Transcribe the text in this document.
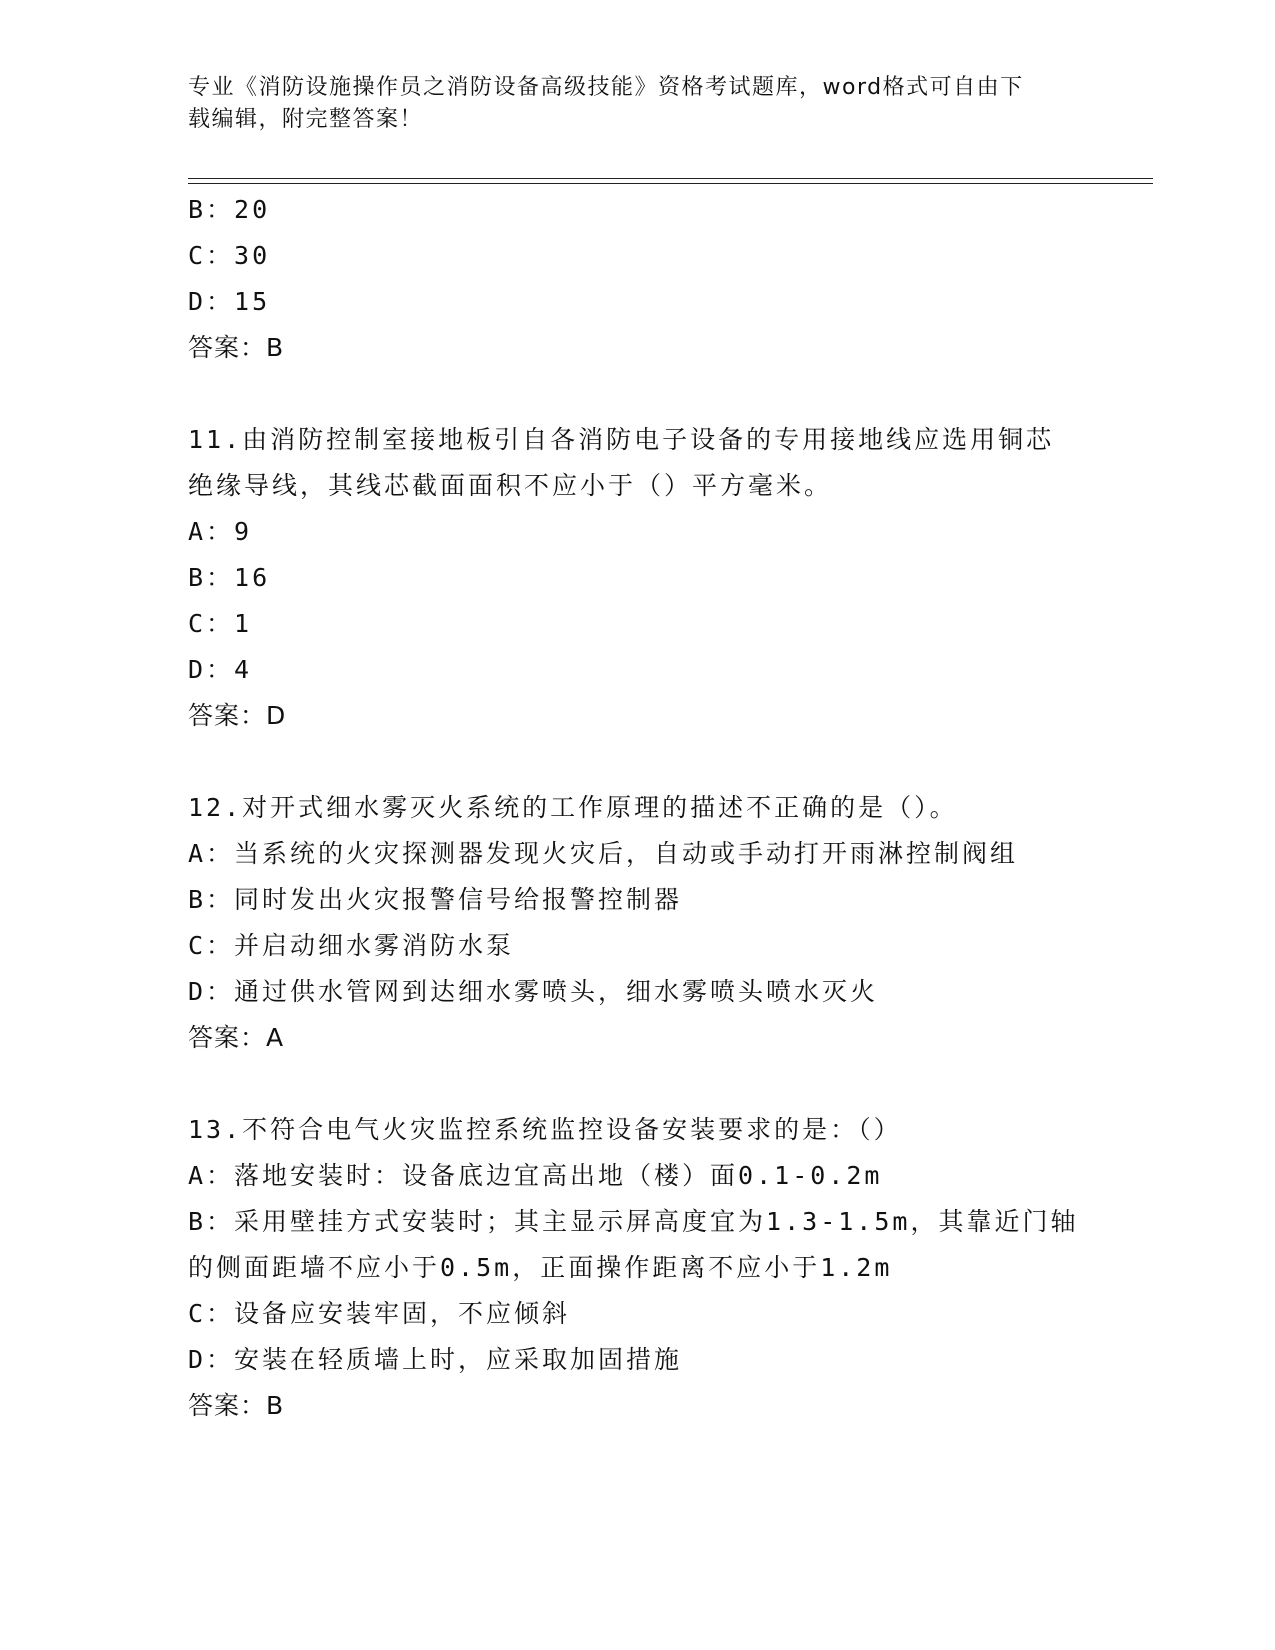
专业《消防设施操作员之消防设备高级技能》资格考试题库，word格式可自由下
载编辑，附完整答案！
B：20
C：30
D：15
答案：B
11.由消防控制室接地板引自各消防电子设备的专用接地线应选用铜芯
绝缘导线，其线芯截面面积不应小于（）平方毫米。
A：9
B：16
C：1
D：4
答案：D
12.对开式细水雾灭火系统的工作原理的描述不正确的是（）。
A：当系统的火灾探测器发现火灾后，自动或手动打开雨淋控制阀组
B：同时发出火灾报警信号给报警控制器
C：并启动细水雾消防水泵
D：通过供水管网到达细水雾喷头，细水雾喷头喷水灭火
答案：A
13.不符合电气火灾监控系统监控设备安装要求的是：（）
A：落地安装时：设备底边宜高出地（楼）面0.1-0.2m
B：采用壁挂方式安装时；其主显示屏高度宜为1.3-1.5m，其靠近门轴
的侧面距墙不应小于0.5m，正面操作距离不应小于1.2m
C：设备应安装牢固，不应倾斜
D：安装在轻质墙上时，应采取加固措施
答案：B
